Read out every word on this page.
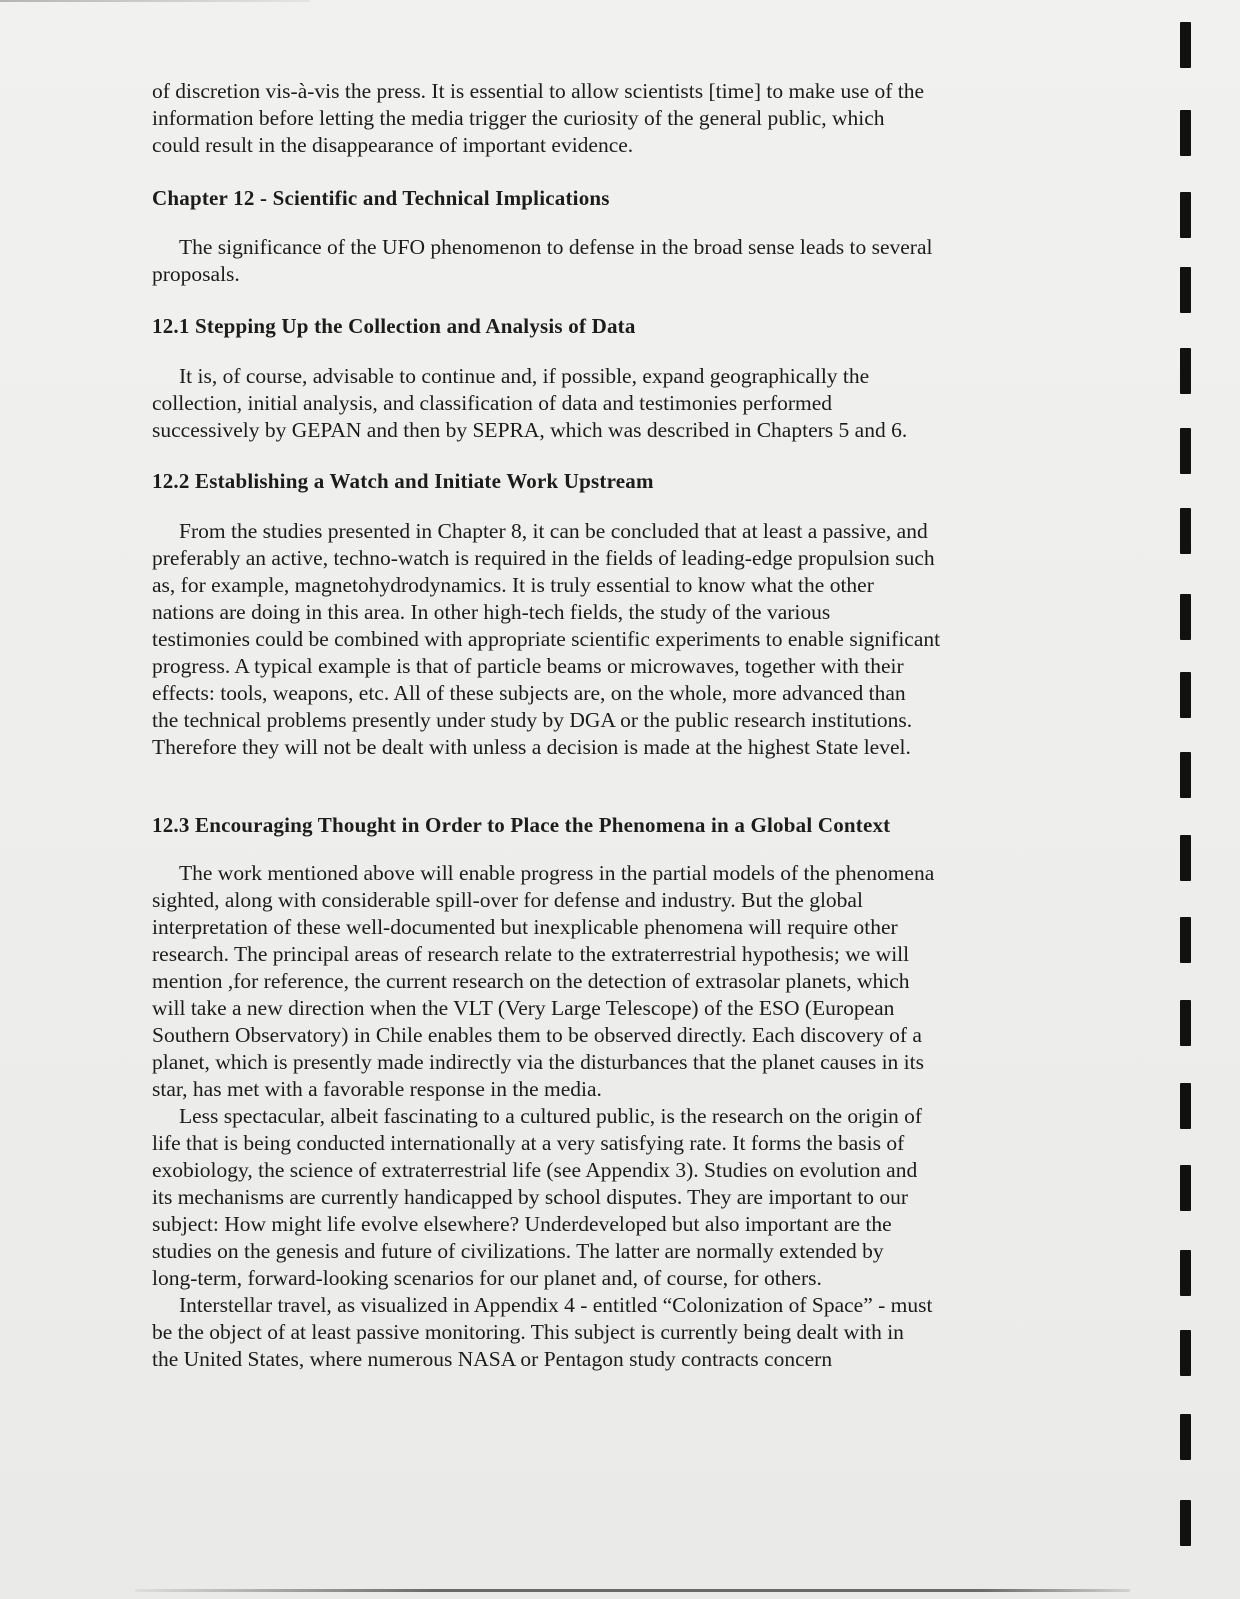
of discretion vis-à-vis the press. It is essential to allow scientists [time] to make use of the
information before letting the media trigger the curiosity of the general public, which
could result in the disappearance of important evidence.

Chapter 12 - Scientific and Technical Implications

The significance of the UFO phenomenon to defense in the broad sense leads to several
proposals.

12.1 Stepping Up the Collection and Analysis of Data

It is, of course, advisable to continue and, if possible, expand geographically the
collection, initial analysis, and classification of data and testimonies performed
successively by GEPAN and then by SEPRA, which was described in Chapters 5 and 6.

12.2 Establishing a Watch and Initiate Work Upstream

From the studies presented in Chapter 8, it can be concluded that at least a passive, and
preferably an active, techno-watch is required in the fields of leading-edge propulsion such
as, for example, magnetohydrodynamics. It is truly essential to know what the other
nations are doing in this area. In other high-tech fields, the study of the various
testimonies could be combined with appropriate scientific experiments to enable significant
progress. A typical example is that of particle beams or microwaves, together with their
effects: tools, weapons, etc. All of these subjects are, on the whole, more advanced than
the technical problems presently under study by DGA or the public research institutions.
Therefore they will not be dealt with unless a decision is made at the highest State level.

12.3 Encouraging Thought in Order to Place the Phenomena in a Global Context

The work mentioned above will enable progress in the partial models of the phenomena
sighted, along with considerable spill-over for defense and industry. But the global
interpretation of these well-documented but inexplicable phenomena will require other
research. The principal areas of research relate to the extraterrestrial hypothesis; we will
mention ,for reference, the current research on the detection of extrasolar planets, which
will take a new direction when the VLT (Very Large Telescope) of the ESO (European
Southern Observatory) in Chile enables them to be observed directly. Each discovery of a
planet, which is presently made indirectly via the disturbances that the planet causes in its
star, has met with a favorable response in the media.

Less spectacular, albeit fascinating to a cultured public, is the research on the origin of
life that is being conducted internationally at a very satisfying rate. It forms the basis of
exobiology, the science of extraterrestrial life (see Appendix 3). Studies on evolution and
its mechanisms are currently handicapped by school disputes. They are important to our
subject: How might life evolve elsewhere? Underdeveloped but also important are the
studies on the genesis and future of civilizations. The latter are normally extended by
long-term, forward-looking scenarios for our planet and, of course, for others.

Interstellar travel, as visualized in Appendix 4 - entitled “Colonization of Space” - must
be the object of at least passive monitoring. This subject is currently being dealt with in
the United States, where numerous NASA or Pentagon study contracts concern
